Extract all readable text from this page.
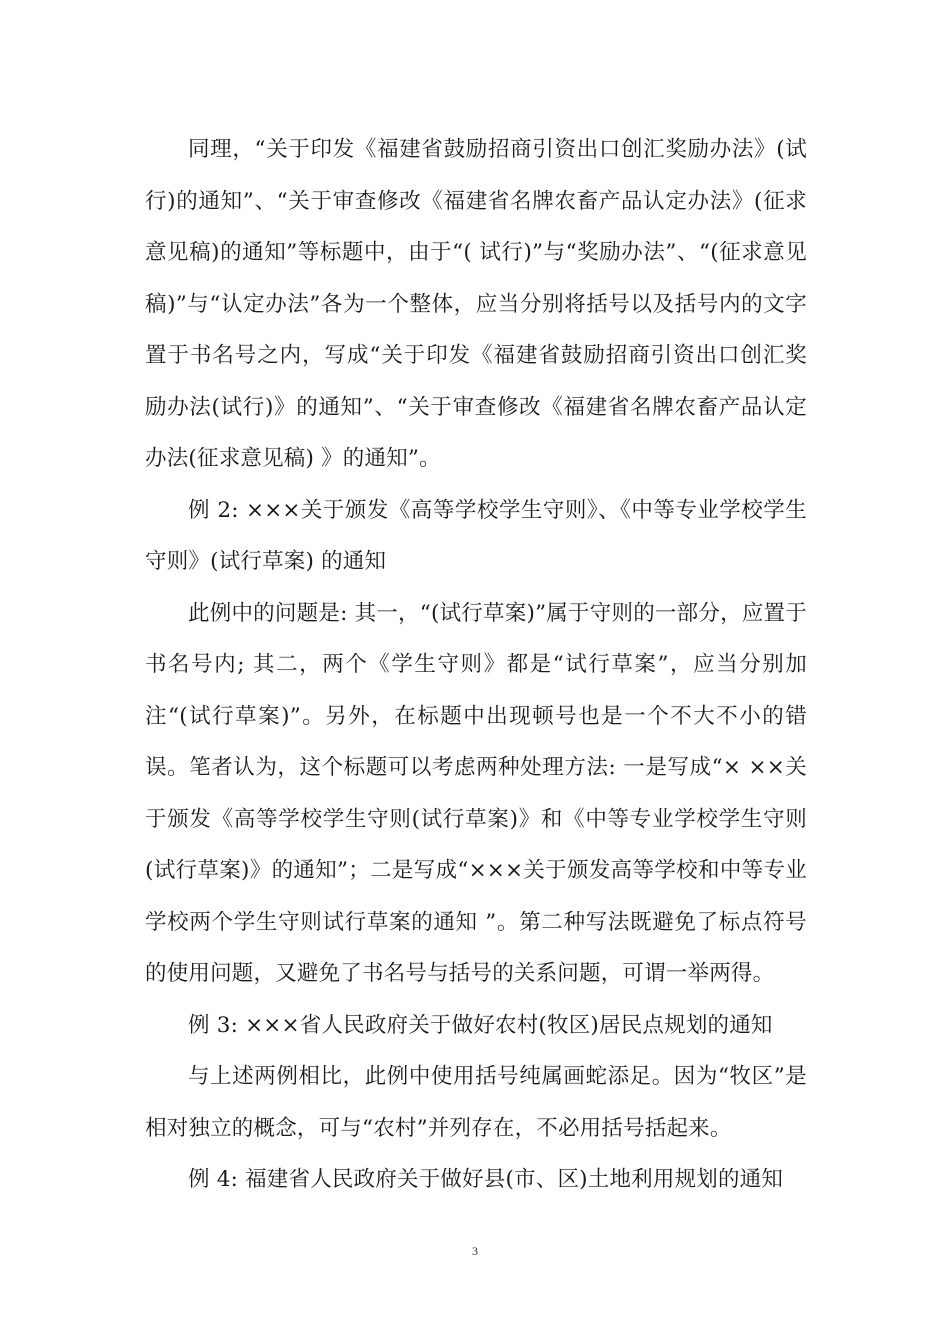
同理，“关于印发《福建省鼓励招商引资出口创汇奖励办法》(试行)的通知”、“关于审查修改《福建省名牌农畜产品认定办法》(征求意见稿)的通知”等标题中，由于“( 试行)”与“奖励办法”、“(征求意见稿)”与“认定办法”各为一个整体，应当分别将括号以及括号内的文字置于书名号之内，写成“关于印发《福建省鼓励招商引资出口创汇奖励办法(试行)》的通知”、“关于审查修改《福建省名牌农畜产品认定办法(征求意见稿) 》的通知”。

例 2: ×××关于颁发《高等学校学生守则》、《中等专业学校学生守则》(试行草案) 的通知

此例中的问题是: 其一，“(试行草案)”属于守则的一部分，应置于书名号内; 其二，两个《学生守则》都是“试行草案”，应当分别加注“(试行草案)”。另外，在标题中出现顿号也是一个不大不小的错误。笔者认为，这个标题可以考虑两种处理方法: 一是写成“× ××关于颁发《高等学校学生守则(试行草案)》和《中等专业学校学生守则(试行草案)》的通知”；二是写成“×××关于颁发高等学校和中等专业学校两个学生守则试行草案的通知 ”。第二种写法既避免了标点符号的使用问题，又避免了书名号与括号的关系问题，可谓一举两得。

例 3: ×××省人民政府关于做好农村(牧区)居民点规划的通知

与上述两例相比，此例中使用括号纯属画蛇添足。因为“牧区”是相对独立的概念，可与“农村”并列存在，不必用括号括起来。

例 4: 福建省人民政府关于做好县(市、区)土地利用规划的通知

3
